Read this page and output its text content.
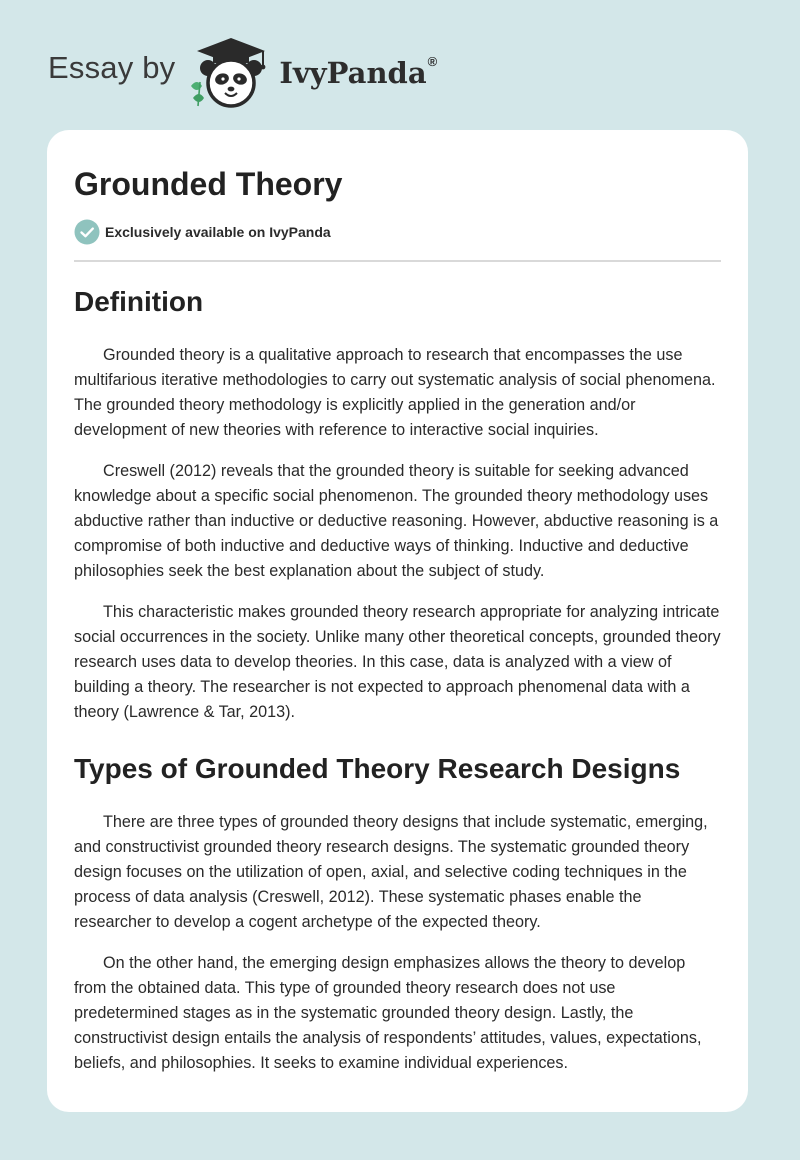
Essay by	IvyPanda®
Grounded Theory
Exclusively available on IvyPanda
Definition

Grounded theory is a qualitative approach to research that encompasses the use multifarious iterative methodologies to carry out systematic analysis of social phenomena. The grounded theory methodology is explicitly applied in the generation and/or development of new theories with reference to interactive social inquiries.

Creswell (2012) reveals that the grounded theory is suitable for seeking advanced knowledge about a specific social phenomenon. The grounded theory methodology uses abductive rather than inductive or deductive reasoning. However, abductive reasoning is a compromise of both inductive and deductive ways of thinking. Inductive and deductive philosophies seek the best explanation about the subject of study.

This characteristic makes grounded theory research appropriate for analyzing intricate social occurrences in the society. Unlike many other theoretical concepts, grounded theory research uses data to develop theories. In this case, data is analyzed with a view of building a theory. The researcher is not expected to approach phenomenal data with a theory (Lawrence & Tar, 2013).

Types of Grounded Theory Research Designs

There are three types of grounded theory designs that include systematic, emerging, and constructivist grounded theory research designs. The systematic grounded theory design focuses on the utilization of open, axial, and selective coding techniques in the process of data analysis (Creswell, 2012). These systematic phases enable the researcher to develop a cogent archetype of the expected theory.

On the other hand, the emerging design emphasizes allows the theory to develop from the obtained data. This type of grounded theory research does not use predetermined stages as in the systematic grounded theory design. Lastly, the constructivist design entails the analysis of respondents’ attitudes, values, expectations, beliefs, and philosophies. It seeks to examine individual experiences.
